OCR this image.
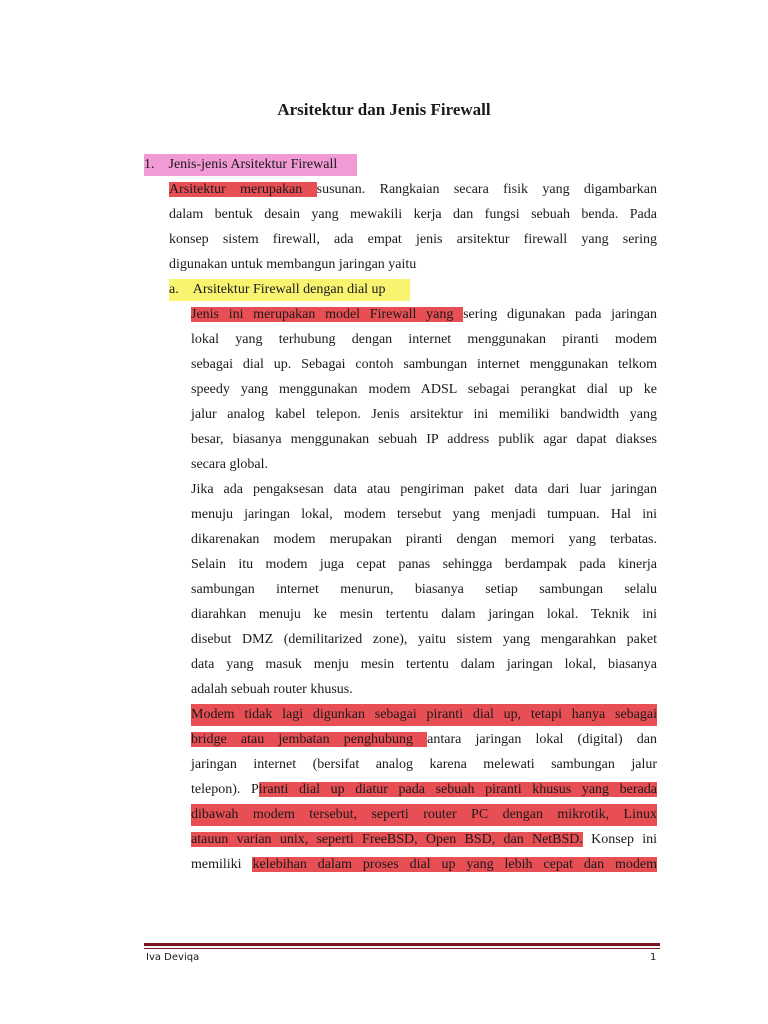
Arsitektur dan Jenis Firewall
1. Jenis-jenis Arsitektur Firewall
Arsitektur merupakan susunan. Rangkaian secara fisik yang digambarkan
dalam bentuk desain yang mewakili kerja dan fungsi sebuah benda. Pada
konsep sistem firewall, ada empat jenis arsitektur firewall yang sering
digunakan untuk membangun jaringan yaitu
a. Arsitektur Firewall dengan dial up
Jenis ini merupakan model Firewall yang sering digunakan pada jaringan
lokal yang terhubung dengan internet menggunakan piranti modem
sebagai dial up. Sebagai contoh sambungan internet menggunakan telkom
speedy yang menggunakan modem ADSL sebagai perangkat dial up ke
jalur analog kabel telepon. Jenis arsitektur ini memiliki bandwidth yang
besar, biasanya menggunakan sebuah IP address publik agar dapat diakses
secara global.
Jika ada pengaksesan data atau pengiriman paket data dari luar jaringan
menuju jaringan lokal, modem tersebut yang menjadi tumpuan. Hal ini
dikarenakan modem merupakan piranti dengan memori yang terbatas.
Selain itu modem juga cepat panas sehingga berdampak pada kinerja
sambungan internet menurun, biasanya setiap sambungan selalu
diarahkan menuju ke mesin tertentu dalam jaringan lokal. Teknik ini
disebut DMZ (demilitarized zone), yaitu sistem yang mengarahkan paket
data yang masuk menju mesin tertentu dalam jaringan lokal, biasanya
adalah sebuah router khusus.
Modem tidak lagi digunkan sebagai piranti dial up, tetapi hanya sebagai
bridge atau jembatan penghubung antara jaringan lokal (digital) dan
jaringan internet (bersifat analog karena melewati sambungan jalur
telepon). Piranti dial up diatur pada sebuah piranti khusus yang berada
dibawah modem tersebut, seperti router PC dengan mikrotik, Linux
atauun varian unix, seperti FreeBSD, Open BSD, dan NetBSD. Konsep ini
memiliki kelebihan dalam proses dial up yang lebih cepat dan modem
Iva Deviqa	1
